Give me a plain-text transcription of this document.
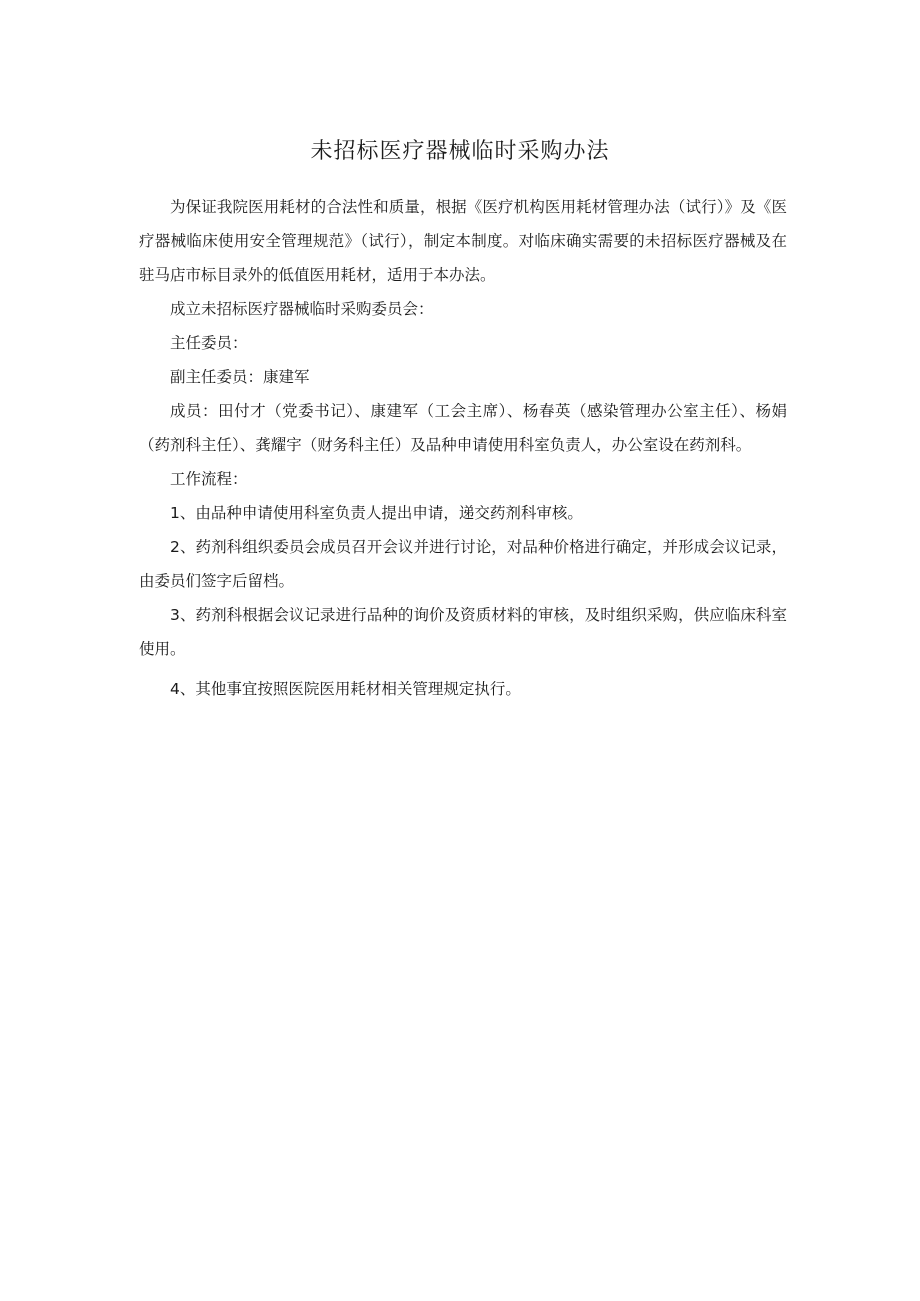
未招标医疗器械临时采购办法

为保证我院医用耗材的合法性和质量，根据《医疗机构医用耗材管理办法（试行）》及《医疗器械临床使用安全管理规范》（试行），制定本制度。对临床确实需要的未招标医疗器械及在驻马店市标目录外的低值医用耗材，适用于本办法。

成立未招标医疗器械临时采购委员会：

主任委员：

副主任委员：康建军

成员：田付才（党委书记）、康建军（工会主席）、杨春英（感染管理办公室主任）、杨娟（药剂科主任）、龚耀宇（财务科主任）及品种申请使用科室负责人，办公室设在药剂科。

工作流程：

1、由品种申请使用科室负责人提出申请，递交药剂科审核。

2、药剂科组织委员会成员召开会议并进行讨论，对品种价格进行确定，并形成会议记录，由委员们签字后留档。

3、药剂科根据会议记录进行品种的询价及资质材料的审核，及时组织采购，供应临床科室使用。

4、其他事宜按照医院医用耗材相关管理规定执行。
